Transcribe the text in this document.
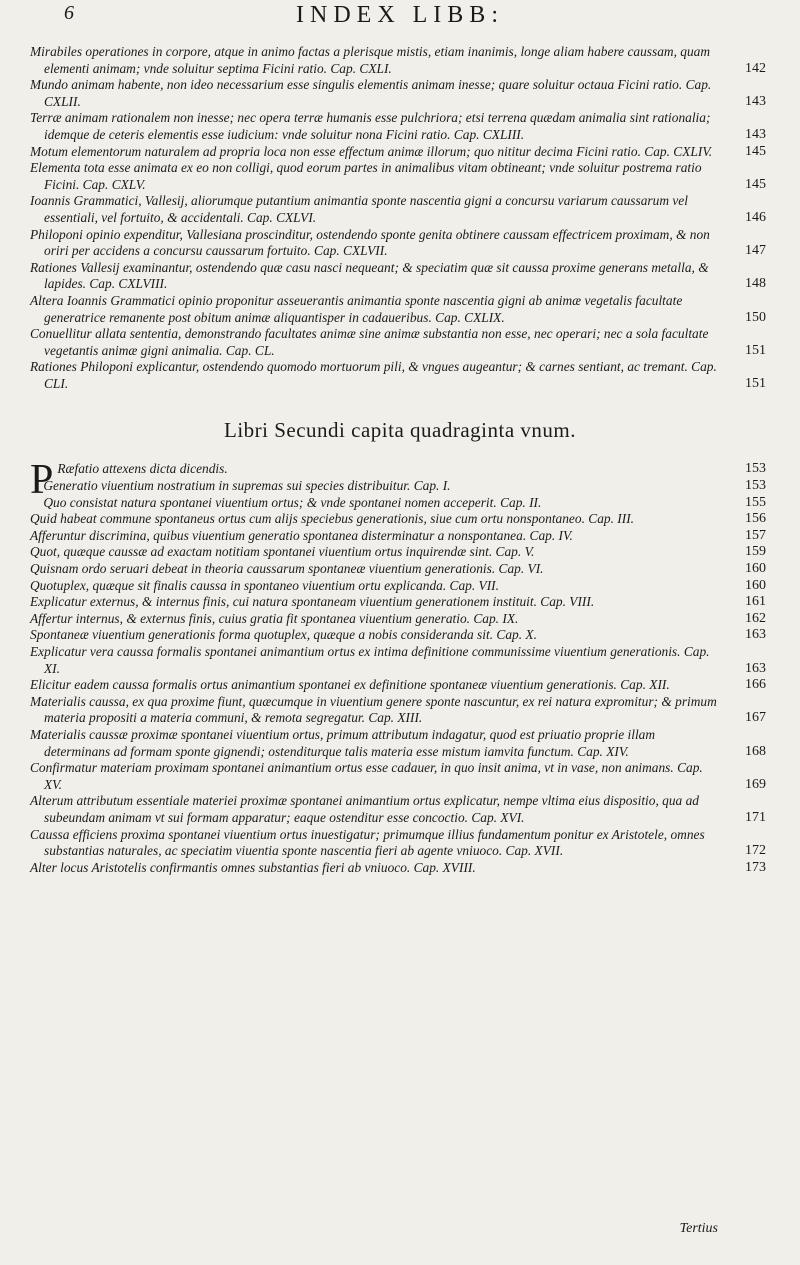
6	INDEX LIBB:
Mirabiles operationes in corpore, atque in animo factas a plerisque mistis, etiam inanimis, longe aliam habere caussam, quam elementi animam; vnde soluitur septima Ficini ratio. Cap. CXLI.	142
Mundo animam habente, non ideo necessarium esse singulis elementis animam inesse; quare soluitur octaua Ficini ratio. Cap. CXLII.	143
Terræ animam rationalem non inesse; nec opera terræ humanis esse pulchriora; etsi terrena quædam animalia sint rationalia; idemque de ceteris elementis esse iudicium: vnde soluitur nona Ficini ratio. Cap. CXLIII.	143
Motum elementorum naturalem ad propria loca non esse effectum animæ illorum; quo nititur decima Ficini ratio. Cap. CXLIV.	145
Elementa tota esse animata ex eo non colligi, quod eorum partes in animalibus vitam obtineant; vnde soluitur postrema ratio Ficini. Cap. CXLV.	145
Ioannis Grammatici, Vallesij, aliorumque putantium animantia sponte nascentia gigni a concursu variarum caussarum vel essentiali, vel fortuito, & accidentali. Cap. CXLVI.	146
Philoponi opinio expenditur, Vallesiana proscinditur, ostendendo sponte genita obtinere caussam effectricem proximam, & non oriri per accidens a concursu caussarum fortuito. Cap. CXLVII.	147
Rationes Vallesij examinantur, ostendendo quæ casu nasci nequeant; & speciatim quæ sit caussa proxime generans metalla, & lapides. Cap. CXLVIII.	148
Altera Ioannis Grammatici opinio proponitur asseuerantis animantia sponte nascentia gigni ab animæ vegetalis facultate generatrice remanente post obitum animæ aliquantisper in cadaueribus. Cap. CXLIX.	150
Conuellitur allata sententia, demonstrando facultates animæ sine animæ substantia non esse, nec operari; nec a sola facultate vegetantis animæ gigni animalia. Cap. CL.	151
Rationes Philoponi explicantur, ostendendo quomodo mortuorum pili, & vngues augeantur; & carnes sentiant, ac tremant. Cap. CLI.	151
Libri Secundi capita quadraginta vnum.
P Ræfatio attexens dicta dicendis.	153
Generatio viuentium nostratium in supremas sui species distribuitur. Cap. I.	153
Quo consistat natura spontanei viuentium ortus; & vnde spontanei nomen acceperit. Cap. II.	155
Quid habeat commune spontaneus ortus cum alijs speciebus generationis, siue cum ortu nonspontaneo. Cap. III.	156
Afferuntur discrimina, quibus viuentium generatio spontanea disterminatur a nonspontanea. Cap. IV.	157
Quot, quæque caussæ ad exactam notitiam spontanei viuentium ortus inquirendæ sint. Cap. V.	159
Quisnam ordo seruari debeat in theoria caussarum spontaneæ viuentium generationis. Cap. VI.	160
Quotuplex, quæque sit finalis caussa in spontaneo viuentium ortu explicanda. Cap. VII.	160
Explicatur externus, & internus finis, cui natura spontaneam viuentium generationem instituit. Cap. VIII.	161
Affertur internus, & externus finis, cuius gratia fit spontanea viuentium generatio. Cap. IX.	162
Spontaneæ viuentium generationis forma quotuplex, quæque a nobis consideranda sit. Cap. X.	163
Explicatur vera caussa formalis spontanei animantium ortus ex intima definitione communissime viuentium generationis. Cap. XI.	163
Elicitur eadem caussa formalis ortus animantium spontanei ex definitione spontaneæ viuentium generationis. Cap. XII.	166
Materialis caussa, ex qua proxime fiunt, quæcumque in viuentium genere sponte nascuntur, ex rei natura expromitur; & primum materia propositi a materia communi, & remota segregatur. Cap. XIII.	167
Materialis caussæ proximæ spontanei viuentium ortus, primum attributum indagatur, quod est priuatio proprie illam determinans ad formam sponte gignendi; ostenditurque talis materia esse mistum iamvita functum. Cap. XIV.	168
Confirmatur materiam proximam spontanei animantium ortus esse cadauer, in quo insit anima, vt in vase, non animans. Cap. XV.	169
Alterum attributum essentiale materiei proximæ spontanei animantium ortus explicatur, nempe vltima eius dispositio, qua ad subeundam animam vt sui formam apparatur; eaque ostenditur esse concoctio. Cap. XVI.	171
Caussa efficiens proxima spontanei viuentium ortus inuestigatur; primumque illius fundamentum ponitur ex Aristotele, omnes substantias naturales, ac speciatim viuentia sponte nascentia fieri ab agente vniuoco. Cap. XVII.	172
Alter locus Aristotelis confirmantis omnes substantias fieri ab vniuoco. Cap. XVIII.	173
Tertius
